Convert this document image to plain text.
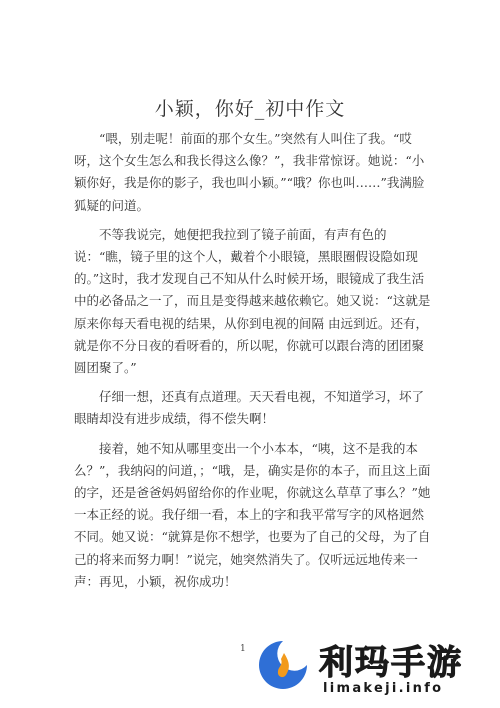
小颖，你好_初中作文

“喂，别走呢！前面的那个女生。”突然有人叫住了我。“哎呀，这个女生怎么和我长得这么像？”，我非常惊讶。她说：“小颖你好，我是你的影子，我也叫小颖。”“哦？你也叫……”我满脸狐疑的问道。

不等我说完，她便把我拉到了镜子前面，有声有色的说：“瞧，镜子里的这个人，戴着个小眼镜，黑眼圈假设隐如现的。”这时，我才发现自己不知从什么时候开场，眼镜成了我生活中的必备品之一了，而且是变得越来越依赖它。她又说：“这就是原来你每天看电视的结果，从你到电视的间隔 由远到近。还有，就是你不分日夜的看呀看的，所以呢，你就可以跟台湾的团团聚圆团聚了。”

仔细一想，还真有点道理。天天看电视，不知道学习，坏了眼睛却没有进步成绩，得不偿失啊！

接着，她不知从哪里变出一个小本本，“咦，这不是我的本么？”，我纳闷的问道，；“哦，是，确实是你的本子，而且这上面的字，还是爸爸妈妈留给你的作业呢，你就这么草草了事么？”她一本正经的说。我仔细一看，本上的字和我平常写字的风格迥然不同。她又说：“就算是你不想学，也要为了自己的父母，为了自己的将来而努力啊！”说完，她突然消失了。仅听远远地传来一声：再见，小颖，祝你成功！

1 利玛手游
limakeji.info
